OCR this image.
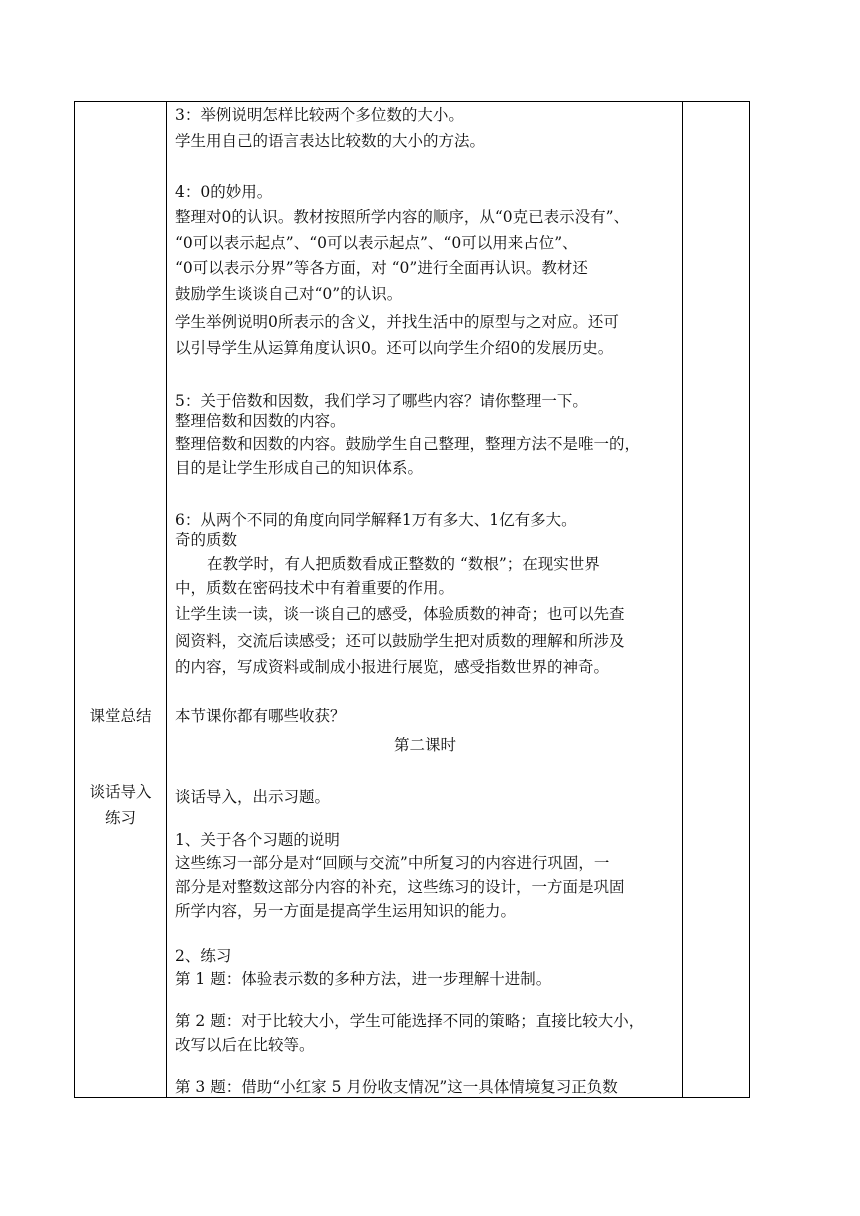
课堂总结
谈话导入
练习
3：举例说明怎样比较两个多位数的大小。
学生用自己的语言表达比较数的大小的方法。
4：0的妙用。
整理对0的认识。教材按照所学内容的顺序，从“0克已表示没有”、
“0可以表示起点”、“0可以表示起点”、“0可以用来占位”、
“0可以表示分界”等各方面，对 “0”进行全面再认识。教材还
鼓励学生谈谈自己对“0”的认识。
学生举例说明0所表示的含义，并找生活中的原型与之对应。还可
以引导学生从运算角度认识0。还可以向学生介绍0的发展历史。
5：关于倍数和因数，我们学习了哪些内容？请你整理一下。
整理倍数和因数的内容。
整理倍数和因数的内容。鼓励学生自己整理，整理方法不是唯一的，
目的是让学生形成自己的知识体系。
6：从两个不同的角度向同学解释1万有多大、1亿有多大。
奇的质数
在教学时，有人把质数看成正整数的 “数根”；在现实世界
中，质数在密码技术中有着重要的作用。
让学生读一读，谈一谈自己的感受，体验质数的神奇；也可以先查
阅资料，交流后读感受；还可以鼓励学生把对质数的理解和所涉及
的内容，写成资料或制成小报进行展览，感受指数世界的神奇。
本节课你都有哪些收获？
第二课时
谈话导入，出示习题。
1、关于各个习题的说明
这些练习一部分是对“回顾与交流”中所复习的内容进行巩固，一
部分是对整数这部分内容的补充，这些练习的设计，一方面是巩固
所学内容，另一方面是提高学生运用知识的能力。
2、练习
第 1 题：体验表示数的多种方法，进一步理解十进制。
第 2 题：对于比较大小，学生可能选择不同的策略；直接比较大小，
改写以后在比较等。
第 3 题：借助“小红家 5 月份收支情况”这一具体情境复习正负数
